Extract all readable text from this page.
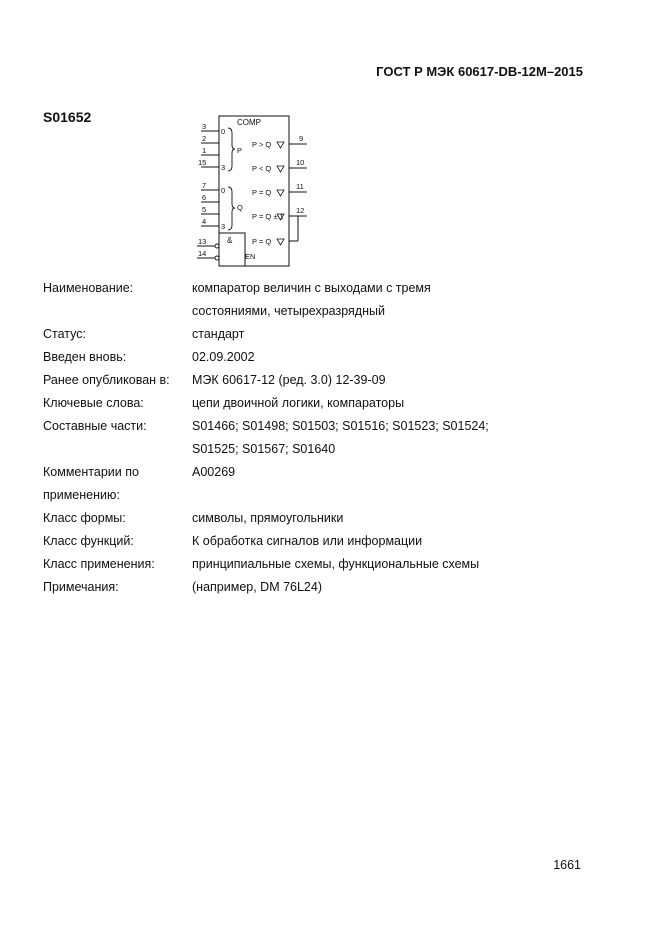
ГОСТ Р МЭК 60617-DB-12M–2015
S01652	COMP
3
2
1
15
0
3
P
7
6
5
4
0
3
Q
13
14
&
EN
P > Q
9
P < Q
10
P = Q
11
P = Q ± 1
12
P = Q
Наименование:	компаратор величин с выходами с тремя
состояниями, четырехразрядный
Статус:	стандарт
Введен вновь:	02.09.2002
Ранее опубликован в:	МЭК 60617-12 (ред. 3.0) 12-39-09
Ключевые слова:	цепи двоичной логики, компараторы
Составные части:	S01466; S01498; S01503; S01516; S01523; S01524;
S01525; S01567; S01640
Комментарии по
применению:
A00269
Класс формы:	символы, прямоугольники
Класс функций:	К обработка сигналов или информации
Класс применения:	принципиальные схемы, функциональные схемы
Примечания:	(например, DM 76L24)
1661
